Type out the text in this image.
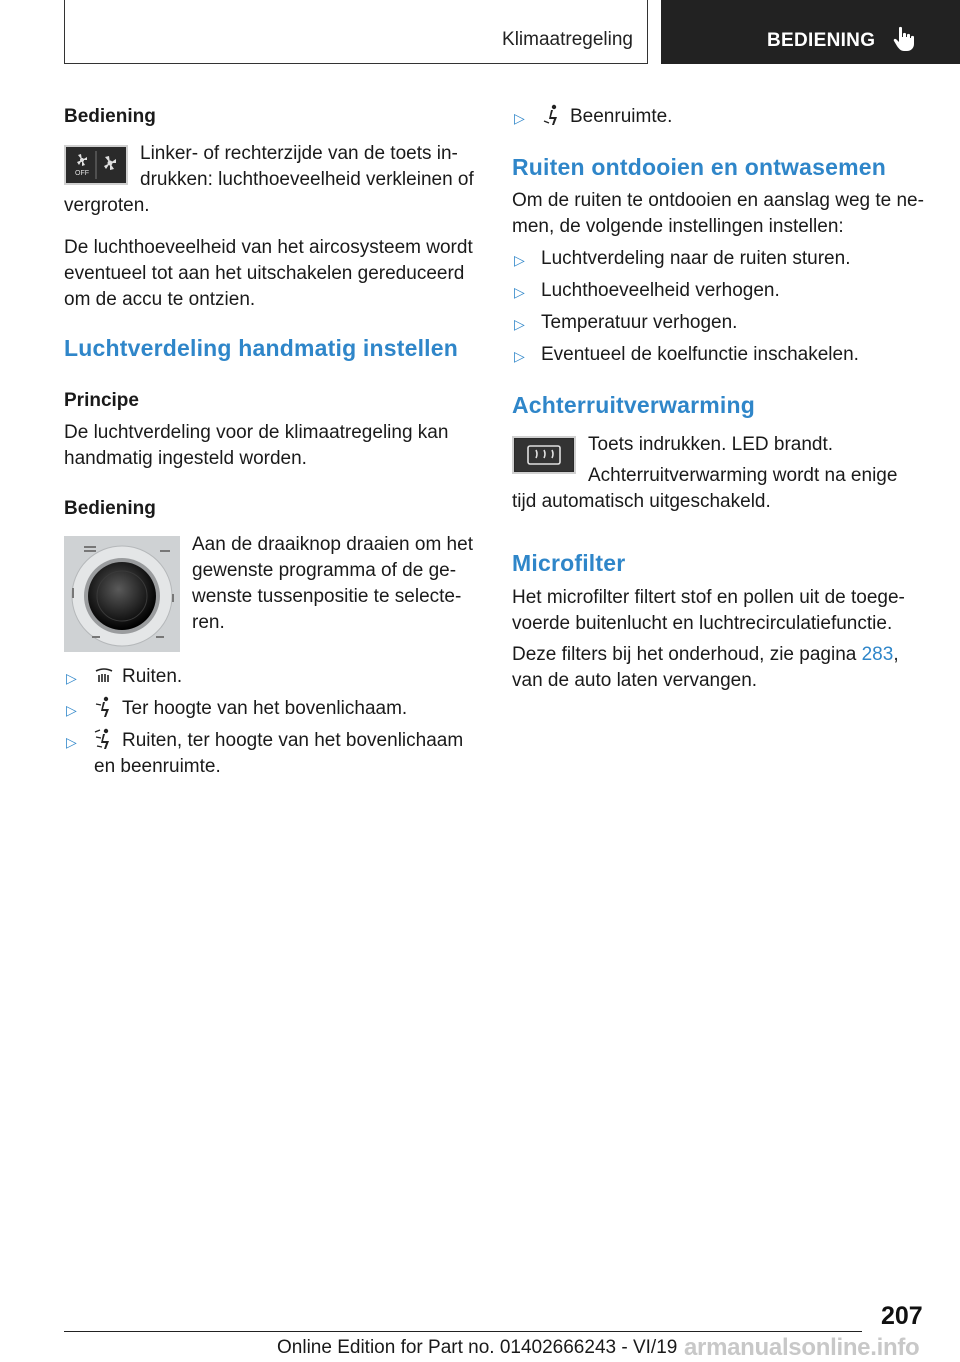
Klimaatregeling	BEDIENING
Bediening
OFF
Linker- of rechterzijde van de toets in-
drukken: luchthoeveelheid verkleinen of
vergroten.
De luchthoeveelheid van het aircosysteem wordt
eventueel tot aan het uitschakelen gereduceerd
om de accu te ontzien.
Luchtverdeling handmatig instellen
Principe
De luchtverdeling voor de klimaatregeling kan
handmatig ingesteld worden.
Bediening
Aan de draaiknop draaien om het
gewenste programma of de ge-
wenste tussenpositie te selecte-
ren.
▷ Ruiten.
▷ Ter hoogte van het bovenlichaam.
▷ Ruiten, ter hoogte van het bovenlichaam
en beenruimte.
▷ Beenruimte.
Ruiten ontdooien en ontwasemen
Om de ruiten te ontdooien en aanslag weg te ne-
men, de volgende instellingen instellen:
▷ Luchtverdeling naar de ruiten sturen.
▷ Luchthoeveelheid verhogen.
▷ Temperatuur verhogen.
▷ Eventueel de koelfunctie inschakelen.
Achterruitverwarming
Toets indrukken. LED brandt.
Achterruitverwarming wordt na enige
tijd automatisch uitgeschakeld.
Microfilter
Het microfilter filtert stof en pollen uit de toege-
voerde buitenlucht en luchtrecirculatiefunctie.
Deze filters bij het onderhoud, zie pagina 283,
van de auto laten vervangen.
207
Online Edition for Part no. 01402666243 - VI/19 armanualsonline.info
